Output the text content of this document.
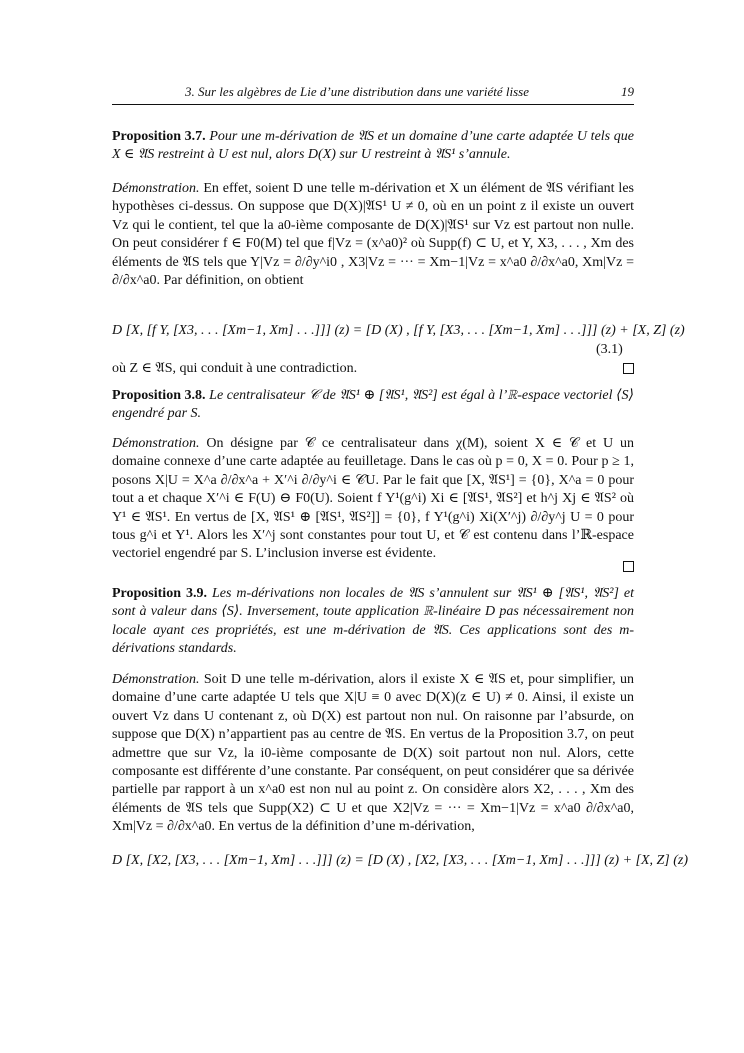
3. Sur les algèbres de Lie d’une distribution dans une variété lisse	19
Proposition 3.7. Pour une m-dérivation de 𝔄S et un domaine d’une carte adaptée U tels que X ∈ 𝔄S restreint à U est nul, alors D(X) sur U restreint à 𝔄S¹ s’annule.
Démonstration. En effet, soient D une telle m-dérivation et X un élément de 𝔄S vérifiant les hypothèses ci-dessus. On suppose que D(X)|𝔄S¹ U ≠ 0, où en un point z il existe un ouvert Vz qui le contient, tel que la a0-ième composante de D(X)|𝔄S¹ sur Vz est partout non nulle. On peut considérer f ∈ F0(M) tel que f|Vz = (x^a0)² où Supp(f) ⊂ U, et Y, X3, . . . , Xm des éléments de 𝔄S tels que Y|Vz = ∂/∂y^i0 , X3|Vz = ··· = Xm−1|Vz = x^a0 ∂/∂x^a0, Xm|Vz = ∂/∂x^a0. Par définition, on obtient
D [X, [f Y, [X3, . . . [Xm−1, Xm] . . .]]] (z) = [D (X) , [f Y, [X3, . . . [Xm−1, Xm] . . .]]] (z) + [X, Z] (z)
(3.1)
où Z ∈ 𝔄S, qui conduit à une contradiction.
Proposition 3.8. Le centralisateur 𝒞 de 𝔄S¹ ⊕ [𝔄S¹, 𝔄S²] est égal à l’ℝ-espace vectoriel ⟨S⟩ engendré par S.
Démonstration. On désigne par 𝒞 ce centralisateur dans χ(M), soient X ∈ 𝒞 et U un domaine connexe d’une carte adaptée au feuilletage. Dans le cas où p = 0, X = 0. Pour p ≥ 1, posons X|U = X^a ∂/∂x^a + X′^i ∂/∂y^i ∈ 𝒞U. Par le fait que [X, 𝔄S¹] = {0}, X^a = 0 pour tout a et chaque X′^i ∈ F(U) ⊖ F0(U). Soient f Y¹(g^i) Xi ∈ [𝔄S¹, 𝔄S²] et h^j Xj ∈ 𝔄S² où Y¹ ∈ 𝔄S¹. En vertus de [X, 𝔄S¹ ⊕ [𝔄S¹, 𝔄S²]] = {0}, f Y¹(g^i) Xi(X′^j) ∂/∂y^j U = 0 pour tous g^i et Y¹. Alors les X′^j sont constantes pour tout U, et 𝒞 est contenu dans l’ℝ-espace vectoriel engendré par S. L’inclusion inverse est évidente.
Proposition 3.9. Les m-dérivations non locales de 𝔄S s’annulent sur 𝔄S¹ ⊕ [𝔄S¹, 𝔄S²] et sont à valeur dans ⟨S⟩. Inversement, toute application ℝ-linéaire D pas nécessairement non locale ayant ces propriétés, est une m-dérivation de 𝔄S. Ces applications sont des m-dérivations standards.
Démonstration. Soit D une telle m-dérivation, alors il existe X ∈ 𝔄S et, pour simplifier, un domaine d’une carte adaptée U tels que X|U ≡ 0 avec D(X)(z ∈ U) ≠ 0. Ainsi, il existe un ouvert Vz dans U contenant z, où D(X) est partout non nul. On raisonne par l’absurde, on suppose que D(X) n’appartient pas au centre de 𝔄S. En vertus de la Proposition 3.7, on peut admettre que sur Vz, la i0-ième composante de D(X) soit partout non nul. Alors, cette composante est différente d’une constante. Par conséquent, on peut considérer que sa dérivée partielle par rapport à un x^a0 est non nul au point z. On considère alors X2, . . . , Xm des éléments de 𝔄S tels que Supp(X2) ⊂ U et que X2|Vz = ··· = Xm−1|Vz = x^a0 ∂/∂x^a0, Xm|Vz = ∂/∂x^a0. En vertus de la définition d’une m-dérivation,
D [X, [X2, [X3, . . . [Xm−1, Xm] . . .]]] (z) = [D (X) , [X2, [X3, . . . [Xm−1, Xm] . . .]]] (z) + [X, Z] (z)
